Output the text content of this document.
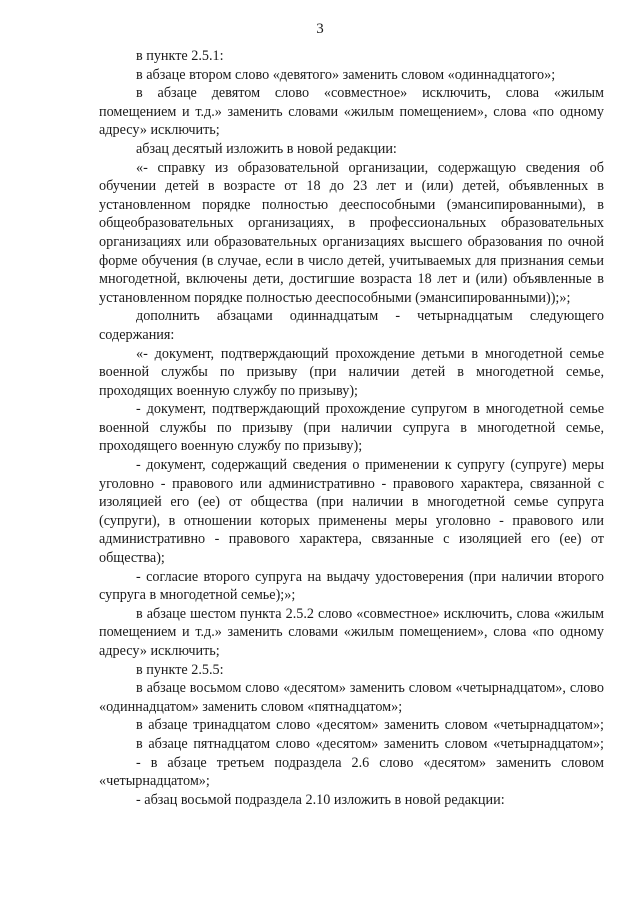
3

в пункте 2.5.1:

в абзаце втором слово «девятого» заменить словом «одиннадцатого»;

в абзаце девятом слово «совместное» исключить, слова «жилым помещением и т.д.» заменить словами «жилым помещением», слова «по одному адресу» исключить;

абзац десятый изложить в новой редакции:

«- справку из образовательной организации, содержащую сведения об обучении детей в возрасте от 18 до 23 лет и (или) детей, объявленных в установленном порядке полностью дееспособными (эмансипированными), в общеобразовательных организациях, в профессиональных образовательных организациях или образовательных организациях высшего образования по очной форме обучения (в случае, если в число детей, учитываемых для признания семьи многодетной, включены дети, достигшие возраста 18 лет и (или) объявленные в установленном порядке полностью дееспособными (эмансипированными));»;

дополнить абзацами одиннадцатым - четырнадцатым следующего содержания:

«- документ, подтверждающий прохождение детьми в многодетной семье военной службы по призыву (при наличии детей в многодетной семье, проходящих военную службу по призыву);

- документ, подтверждающий прохождение супругом в многодетной семье военной службы по призыву (при наличии супруга в многодетной семье, проходящего военную службу по призыву);

- документ, содержащий сведения о применении к супругу (супруге) меры уголовно - правового или административно - правового характера, связанной с изоляцией его (ее) от общества (при наличии в многодетной семье супруга (супруги), в отношении которых применены меры уголовно - правового или административно - правового характера, связанные с изоляцией его (ее) от общества);

- согласие второго супруга на выдачу удостоверения (при наличии второго супруга в многодетной семье);»;

в абзаце шестом пункта 2.5.2 слово «совместное» исключить, слова «жилым помещением и т.д.» заменить словами «жилым помещением», слова «по одному адресу» исключить;

в пункте 2.5.5:

в абзаце восьмом слово «десятом» заменить словом «четырнадцатом», слово «одиннадцатом» заменить словом «пятнадцатом»;

в абзаце тринадцатом слово «десятом» заменить словом «четырнадцатом»;

в абзаце пятнадцатом слово «десятом» заменить словом «четырнадцатом»;

- в абзаце третьем подраздела 2.6 слово «десятом» заменить словом «четырнадцатом»;

- абзац восьмой подраздела 2.10 изложить в новой редакции:
